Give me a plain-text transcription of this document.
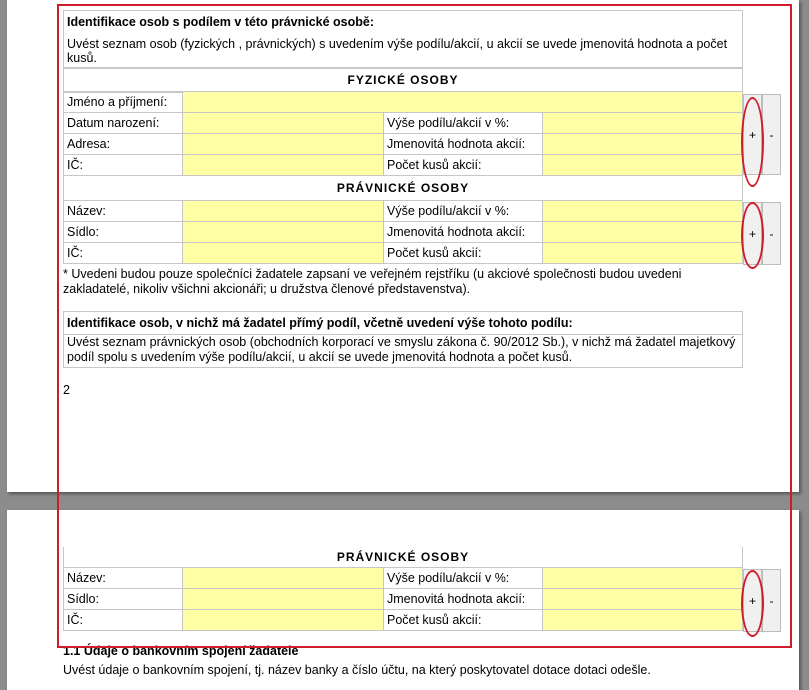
Identifikace osob s podílem v této právnické osobě:
Uvést seznam osob (fyzických , právnických) s uvedením výše podílu/akcií, u akcií se uvede jmenovitá hodnota a počet kusů.
FYZICKÉ OSOBY
Jméno a příjmení:			
Datum narození:		Výše podílu/akcií v %:	
Adresa:		Jmenovitá hodnota akcií:	
IČ:		Počet kusů akcií:	
+	-
PRÁVNICKÉ OSOBY
Název:		Výše podílu/akcií v %:	
Sídlo:		Jmenovitá hodnota akcií:	
IČ:		Počet kusů akcií:	
+	-
* Uvedeni budou pouze společníci žadatele zapsaní ve veřejném rejstříku (u akciové společnosti budou uvedeni zakladatelé, nikoliv všichni akcionáři; u družstva členové představenstva).
Identifikace osob, v nichž má žadatel přímý podíl, včetně uvedení výše tohoto podílu:
Uvést seznam právnických osob (obchodních korporací ve smyslu zákona č. 90/2012 Sb.), v nichž má žadatel majetkový podíl spolu s uvedením výše podílu/akcií, u akcií se uvede jmenovitá hodnota a počet kusů.
2
PRÁVNICKÉ OSOBY
Název:		Výše podílu/akcií v %:	
Sídlo:		Jmenovitá hodnota akcií:	
IČ:		Počet kusů akcií:	
+	-
1.1 Údaje o bankovním spojení žadatele
Uvést údaje o bankovním spojení, tj. název banky a číslo účtu, na který poskytovatel dotace dotaci odešle.
